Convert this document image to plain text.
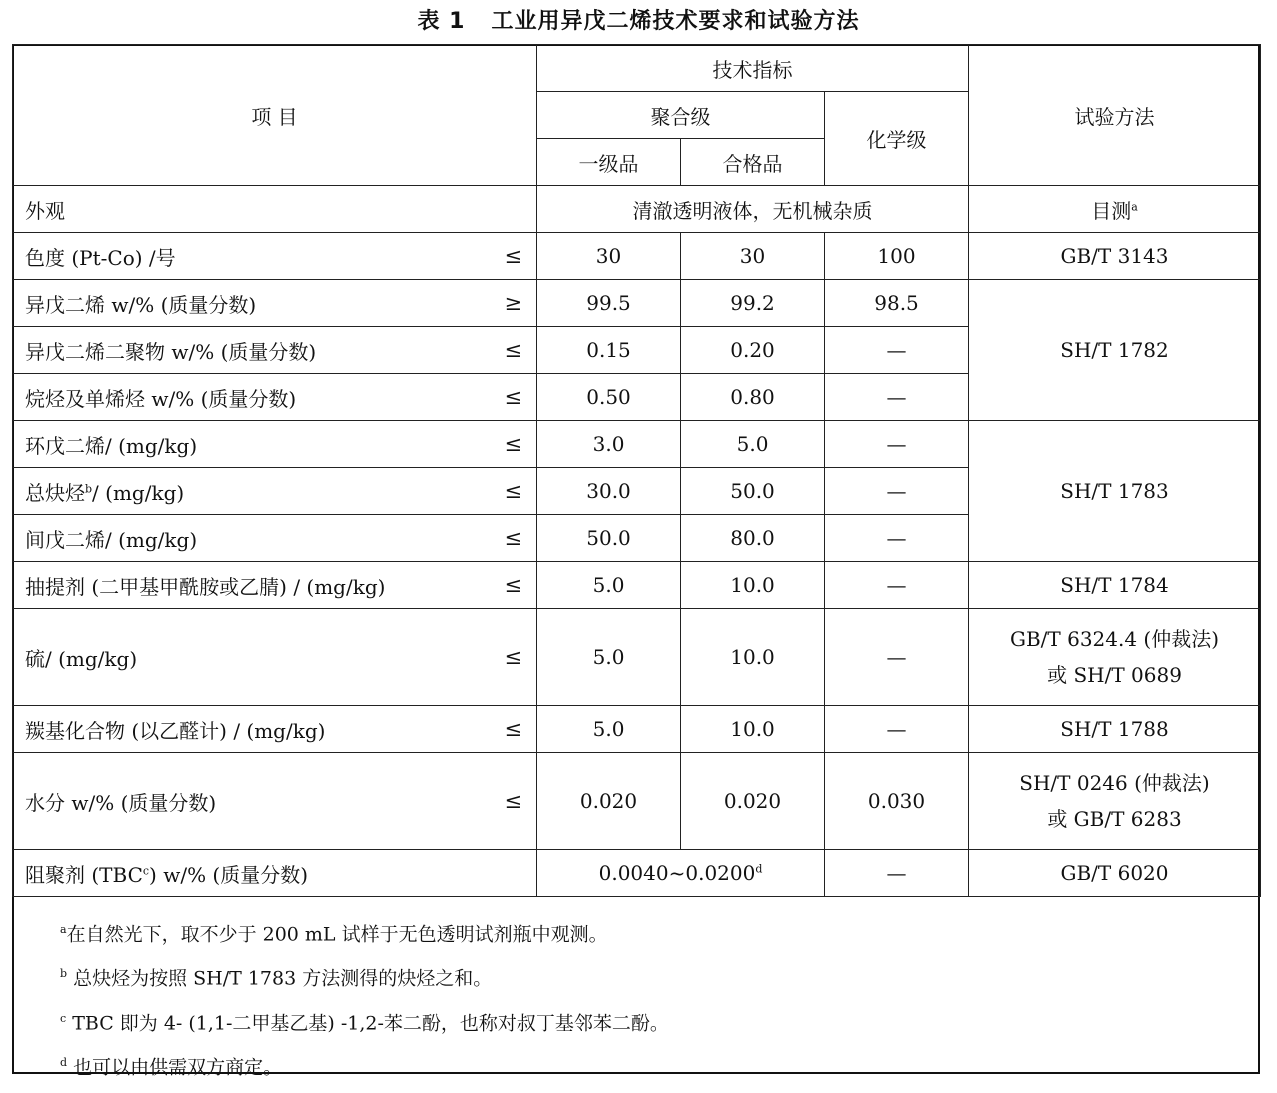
表 1 工业用异戊二烯技术要求和试验方法
项 目		技术指标			试验方法
		聚合级		化学级	
		一级品	合格品		
外观		清澈透明液体，无机械杂质			目测$^a$
色度 (Pt-Co) /号	≤	30	30	100	GB/T 3143
异戊二烯 w/% (质量分数)	≥	99.5	99.2	98.5	SH/T 1782
异戊二烯二聚物 w/% (质量分数)	≤	0.15	0.20	—	
烷烃及单烯烃 w/% (质量分数)	≤	0.50	0.80	—	
环戊二烯/ (mg/kg)	≤	3.0	5.0	—	SH/T 1783
总炔烃$^b$/ (mg/kg)	≤	30.0	50.0	—	
间戊二烯/ (mg/kg)	≤	50.0	80.0	—	
抽提剂 (二甲基甲酰胺或乙腈) / (mg/kg)	≤	5.0	10.0	—	SH/T 1784
硫/ (mg/kg)	≤	5.0	10.0	—	GB/T 6324.4 (仲裁法)
或 SH/T 0689

羰基化合物 (以乙醛计) / (mg/kg)	≤	5.0	10.0	—	SH/T 1788
水分 w/% (质量分数)	≤	0.020	0.020	0.030	SH/T 0246 (仲裁法)
或 GB/T 6283

阻聚剂 (TBC$^c$) w/% (质量分数)		0.0040~0.0200$^d$		—	GB/T 6020
$^a$在自然光下，取不少于 200 mL 试样于无色透明试剂瓶中观测。
$^b$ 总炔烃为按照 SH/T 1783 方法测得的炔烃之和。
$^c$ TBC 即为 4- (1,1-二甲基乙基) -1,2-苯二酚，也称对叔丁基邻苯二酚。
$^d$ 也可以由供需双方商定。
